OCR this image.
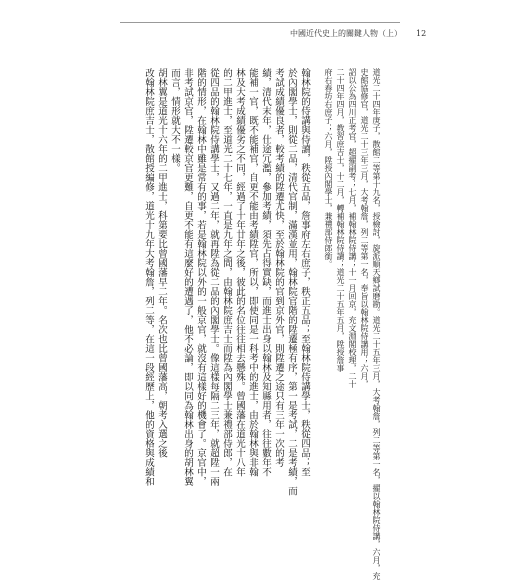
中國近代史上的關鍵人物（上） 12
道光二十四年庚子，散館二等第十九名，授檢討，旋派順天鄉試磨勘。道光二十五年三月，大考翰詹，列二等第一名，擢以翰林院侍講，六月，充
史館協修官，道光二十三年三月，大考翰詹，列二等第一名，奉旨以翰林院侍講用；六月，
詔以公為四川正考官，超擢副考；七月，補翰林院侍講；十一月回京，充文淵閣校理，二十
二十四年四月，教習庶吉士，十二月，轉補翰林院侍讀；道光二十五年五月，陞授詹事
府右春坊右庶子；六月，陞授內閣學士，兼禮部侍郎銜。
翰林院的侍講與侍讀，秩從五品，詹事府左右庶子，秩正五品；至翰林院侍講學士，秩從四品；至
於內閣學士，則從二品，清代官制，滿漢並用，翰林院官階的陞遷極有序，第一是考試，二是考績，而
考試成績優良者，較考績的陞遷尤快，至於翰林院的官到京外官，則陞遷之途只有三年一次的考
績，清代末年，仕途冗濫，參加考績，須先占得實缺，而進士出身以翰林及知縣用者，往往數年不
能補一官，既不能補官，自更不能由考績陞官，所以，即使同是一科考中的進士，由於翰林與非翰
林及大考成績優劣之不同，經過了十年廿年之後，彼此的名位往往相去懸殊。曾國藩在道光十八年
的二甲進士，至道光二十七年，一直是九年之間，由翰林院庶吉士而陞為內閣學士兼禮部侍郎，在
從四品的翰林院侍講學士，又過二年，就再陞為從二品的內閣學士。像這樣每隔二三年，就超陞一兩
階的情形，在翰林中雖是常有的事，若是翰林院以外的一般京官，就沒有這樣好的機會了。京官中，
非考試京官，陞遷較京官更難，自更不能有這麼好的遭遇了，他不必論，即以同為翰林出身的胡林翼
而言，情形就大不一樣。
胡林翼是道光十六年的二甲進士，科第要比曾國藩早二年。名次也比曾國藩高，朝考入選之後
改翰林院庶吉士，散館授編修，道光十九年大考翰詹，列二等，在這一段經歷上，他的資格與成績和
